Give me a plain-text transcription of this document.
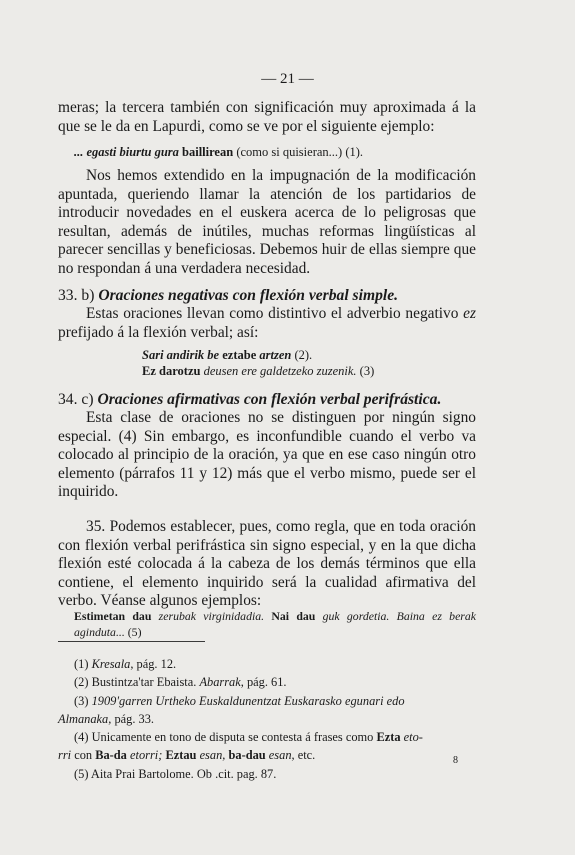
— 21 —
meras; la tercera también con significación muy aproximada á la que se le da en Lapurdi, como se ve por el siguiente ejemplo:
... egasti biurtu gura baillirean (como si quisieran...) (1).
Nos hemos extendido en la impugnación de la modificación apuntada, queriendo llamar la atención de los partidarios de introducir novedades en el euskera acerca de lo peligrosas que resultan, además de inútiles, muchas reformas lingüísticas al parecer sencillas y beneficiosas. Debemos huir de ellas siempre que no respondan á una verdadera necesidad.
33. b) Oraciones negativas con flexión verbal simple.
Estas oraciones llevan como distintivo el adverbio negativo ez prefijado á la flexión verbal; así:
Sari andirik be eztabe artzen (2).
Ez darotzu deusen ere galdetzeko zuzenik. (3)
34. c) Oraciones afirmativas con flexión verbal perifrástica.
Esta clase de oraciones no se distinguen por ningún signo especial. (4) Sin embargo, es inconfundible cuando el verbo va colocado al principio de la oración, ya que en ese caso ningún otro elemento (párrafos 11 y 12) más que el verbo mismo, puede ser el inquirido.
35. Podemos establecer, pues, como regla, que en toda oración con flexión verbal perifrástica sin signo especial, y en la que dicha flexión esté colocada á la cabeza de los demás términos que ella contiene, el elemento inquirido será la cualidad afirmativa del verbo. Véanse algunos ejemplos:
Estimetan dau zerubak virginidadia. Nai dau guk gordetia. Baina ez berak aginduta... (5)
(1) Kresala, pág. 12.
(2) Bustintza'tar Ebaista. Abarrak, pág. 61.
(3) 1909'garren Urtheko Euskaldunentzat Euskarasko egunari edo
Almanaka, pág. 33.
(4) Unicamente en tono de disputa se contesta á frases como Ezta eto-
rri con Ba-da etorri; Eztau esan, ba-dau esan, etc.
(5) Aita Prai Bartolome. Ob .cit. pag. 87.
8
